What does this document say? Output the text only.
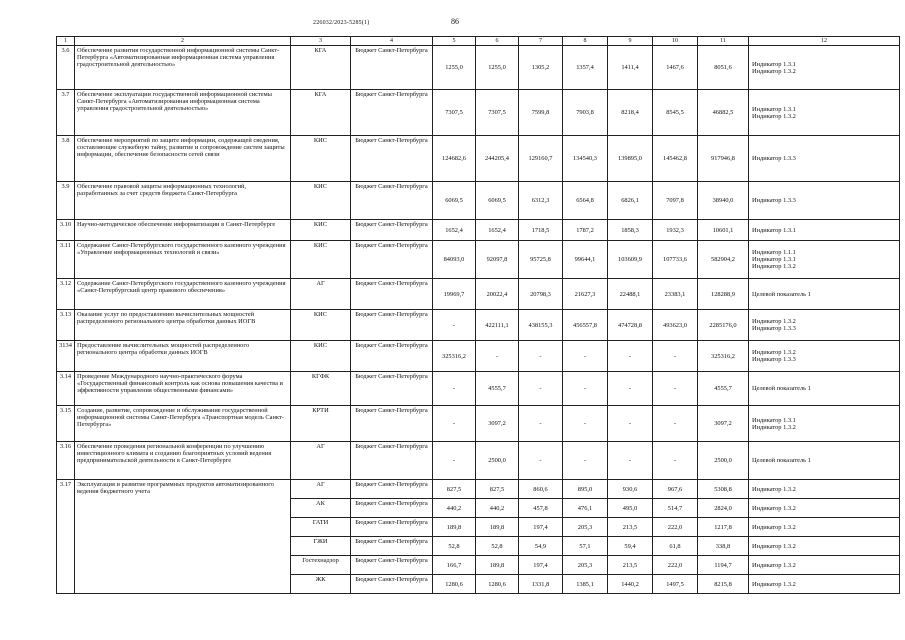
226032/2023-5285(1)	86
1	2	3	4	5	6	7	8	9	10	11	12
3.6	Обеспечение развития государственной информационной системы Санкт-Петербурга «Автоматизированная информационная система управления градостроительной деятельностью»	КГА	Бюджет Санкт-Петербурга	1255,0	1255,0	1305,2	1357,4	1411,4	1467,6	8051,6	Индикатор 1.3.1
Индикатор 1.3.2

3.7	Обеспечение эксплуатации государственной информационной системы Санкт-Петербурга «Автоматизированная информационная система управления градостроительной деятельностью»	КГА	Бюджет Санкт-Петербурга	7307,5	7307,5	7599,8	7903,8	8218,4	8545,5	46882,5	Индикатор 1.3.1
Индикатор 1.3.2

3.8	Обеспечение мероприятий по защите информации, содержащей сведения, составляющие служебную тайну, развитие и сопровождение систем защиты информации, обеспечение безопасности сетей связи	КИС	Бюджет Санкт-Петербурга	124682,6	244205,4	129160,7	134540,3	139895,0	145462,8	917946,8	Индикатор 1.3.3

3.9	Обеспечение правовой защиты информационных технологий, разработанных за счет средств бюджета Санкт-Петербурга	КИС	Бюджет Санкт-Петербурга	6069,5	6069,5	6312,3	6564,8	6826,1	7097,8	38940,0	Индикатор 1.3.3

3.10	Научно-методическое обеспечение информатизации в Санкт-Петербурге	КИС	Бюджет Санкт-Петербурга	1652,4	1652,4	1718,5	1787,2	1858,3	1932,3	10601,1	Индикатор 1.3.1

3.11	Содержание Санкт-Петербургского государственного казенного учреждения «Управление информационных технологий и связи»	КИС	Бюджет Санкт-Петербурга	84093,0	92097,8	95725,8	99644,1	103609,9	107733,6	582904,2	Индикатор 1.1.1
Индикатор 1.3.1
Индикатор 1.3.2

3.12	Содержание Санкт-Петербургского государственного казенного учреждения «Санкт-Петербургский центр правового обеспечения»	АГ	Бюджет Санкт-Петербурга	19969,7	20022,4	20798,3	21627,3	22488,1	23383,1	128288,9	Целевой показатель 1

3.13	Оказание услуг по предоставлению вычислительных мощностей распределенного регионального центра обработки данных ИОГВ	КИС	Бюджет Санкт-Петербурга	-	422111,1	438155,3	456557,8	474728,8	493623,0	2285176,0	Индикатор 1.3.2
Индикатор 1.3.3

3134	Предоставление вычислительных мощностей распределенного регионального центра обработки данных ИОГВ	КИС	Бюджет Санкт-Петербурга	325316,2	-	-	-	-	-	325316,2	Индикатор 1.3.2
Индикатор 1.3.3

3.14	Проведение Международного научно-практического форума «Государственный финансовый контроль как основа повышения качества и эффективности управления общественными финансами»	КГФК	Бюджет Санкт-Петербурга	-	4555,7	-	-	-	-	4555,7	Целевой показатель 1

3.15	Создание, развитие, сопровождение и обслуживание государственной информационной системы Санкт-Петербурга «Транспортная модель Санкт-Петербурга»	КРТИ	Бюджет Санкт-Петербурга	-	3097,2	-	-	-	-	3097,2	Индикатор 1.3.1
Индикатор 1.3.2

3.16	Обеспечение проведения региональной конференции по улучшению инвестиционного климата и созданию благоприятных условий ведения предпринимательской деятельности в Санкт-Петербурге	АГ	Бюджет Санкт-Петербурга	-	2500,0	-	-	-	-	2500,0	Целевой показатель 1

3.17	Эксплуатация и развитие программных продуктов автоматизированного ведения бюджетного учета	АГ	Бюджет Санкт-Петербурга	827,5	827,5	860,6	895,0	930,6	967,6	5308,8	Индикатор 1.3.2
		АК	Бюджет Санкт-Петербурга	440,2	440,2	457,8	476,1	495,0	514,7	2824,0	Индикатор 1.3.2
		ГАТИ	Бюджет Санкт-Петербурга	189,8	189,8	197,4	205,3	213,5	222,0	1217,8	Индикатор 1.3.2
		ГЖИ	Бюджет Санкт-Петербурга	52,8	52,8	54,9	57,1	59,4	61,8	338,8	Индикатор 1.3.2
		Гостехнадзор	Бюджет Санкт-Петербурга	166,7	189,8	197,4	205,3	213,5	222,0	1194,7	Индикатор 1.3.2
		ЖК	Бюджет Санкт-Петербурга	1280,6	1280,6	1331,8	1385,1	1440,2	1497,5	8215,8	Индикатор 1.3.2
